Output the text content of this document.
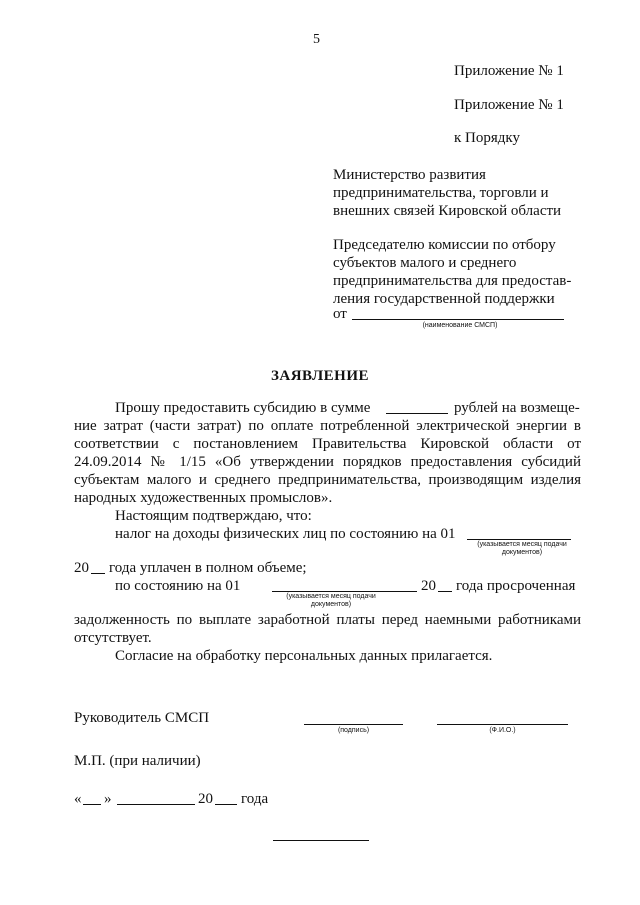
5
Приложение № 1
Приложение № 1
к Порядку
Министерство развития
предпринимательства, торговли и
внешних связей Кировской области
Председателю комиссии по отбору
субъектов малого и среднего
предпринимательства для предостав-
ления государственной поддержки
от
(наименование СМСП)
ЗАЯВЛЕНИЕ
Прошу предоставить субсидию в сумме	рублей на возмеще-
ние затрат (части затрат) по оплате потребленной электрической энергии в
соответствии с постановлением Правительства Кировской области от
24.09.2014 № 1/15 «Об утверждении порядков предоставления субсидий
субъектам малого и среднего предпринимательства, производящим изделия
народных художественных промыслов».
Настоящим подтверждаю, что:
налог на доходы физических лиц по состоянию на 01
(указывается месяц подачи документов)
20 года уплачен в полном объеме;
по состоянию на 01	20 года просроченная
(указывается месяц подачи документов)
задолженность по выплате заработной платы перед наемными работниками
отсутствует.
Согласие на обработку персональных данных прилагается.
Руководитель СМСП
(подпись)	(Ф.И.О.)
М.П. (при наличии)
« »	20 года
